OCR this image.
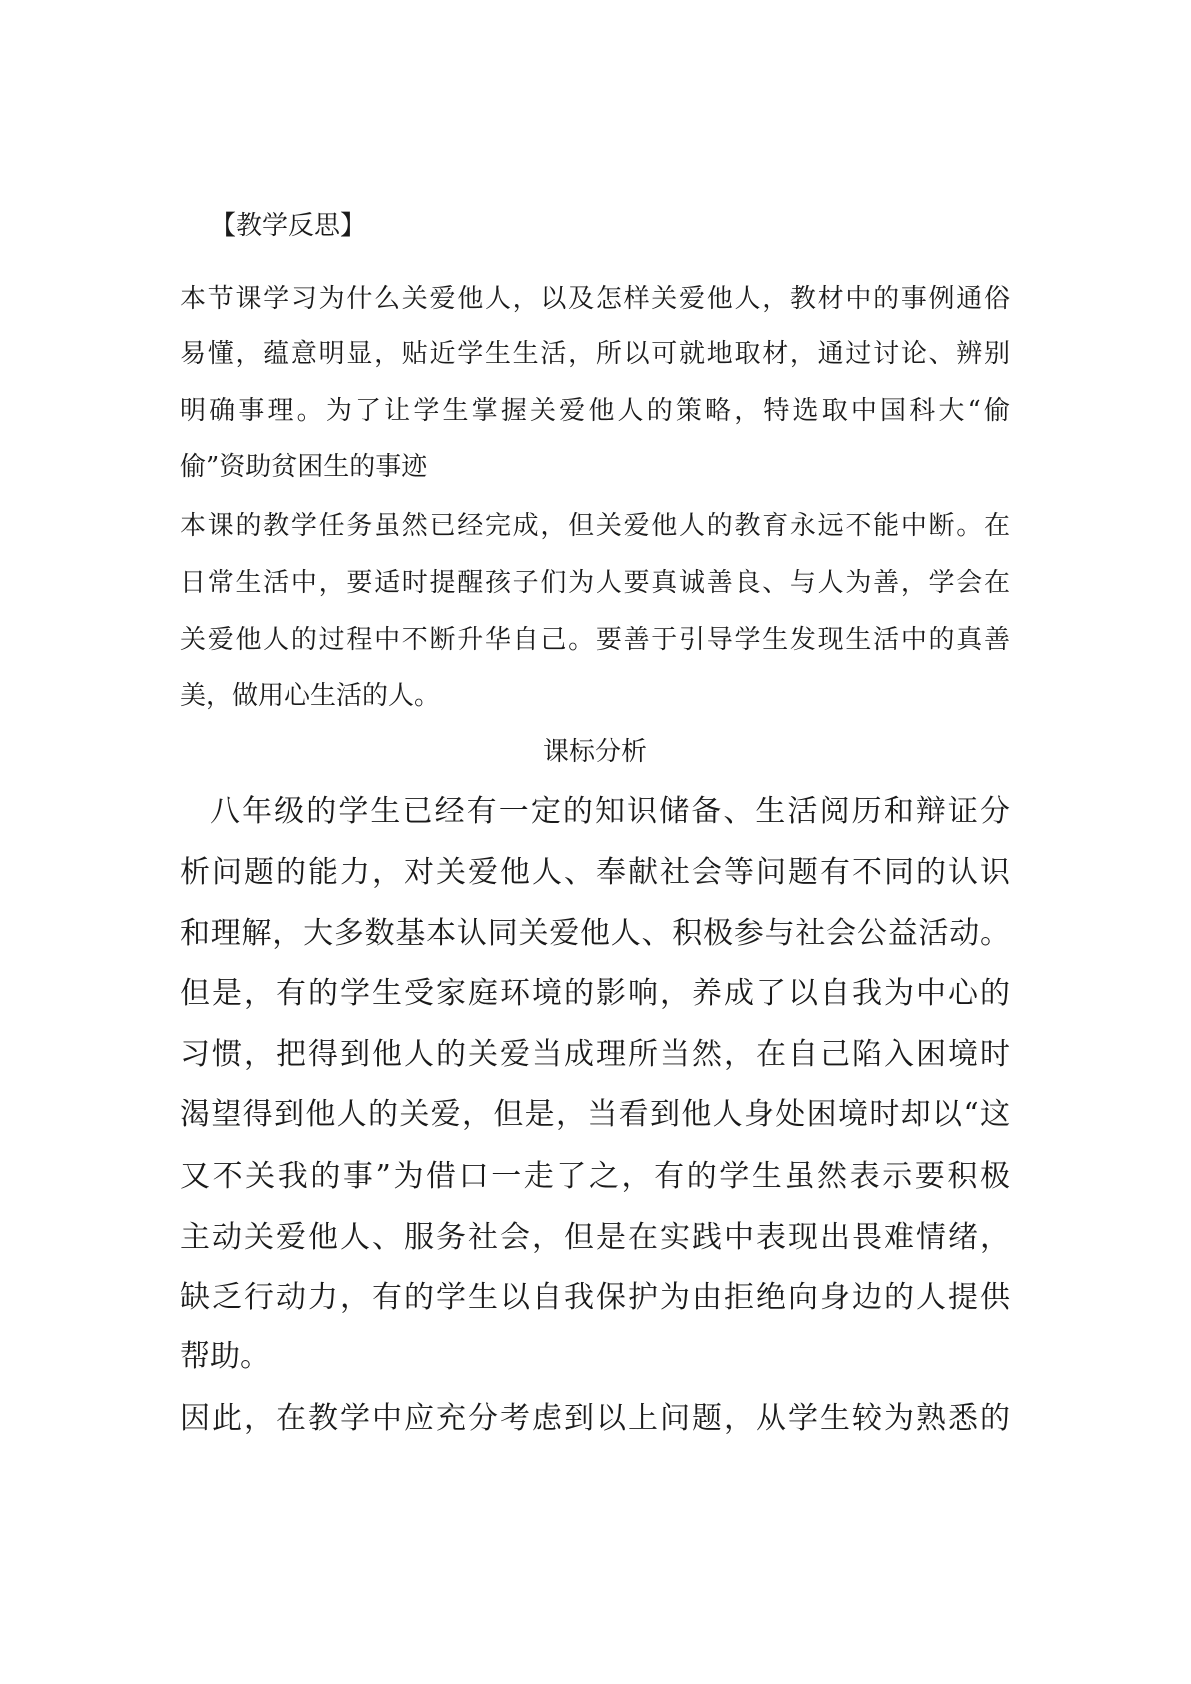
【教学反思】
本节课学习为什么关爱他人，以及怎样关爱他人，教材中的事例通俗
易懂，蕴意明显，贴近学生生活，所以可就地取材，通过讨论、辨别
明确事理。为了让学生掌握关爱他人的策略，特选取中国科大“偷
偷”资助贫困生的事迹
本课的教学任务虽然已经完成，但关爱他人的教育永远不能中断。在
日常生活中，要适时提醒孩子们为人要真诚善良、与人为善，学会在
关爱他人的过程中不断升华自己。要善于引导学生发现生活中的真善
美，做用心生活的人。
课标分析
八年级的学生已经有一定的知识储备、生活阅历和辩证分
析问题的能力，对关爱他人、奉献社会等问题有不同的认识
和理解，大多数基本认同关爱他人、积极参与社会公益活动。
但是，有的学生受家庭环境的影响，养成了以自我为中心的
习惯，把得到他人的关爱当成理所当然，在自己陷入困境时
渴望得到他人的关爱，但是，当看到他人身处困境时却以“这
又不关我的事”为借口一走了之，有的学生虽然表示要积极
主动关爱他人、服务社会，但是在实践中表现出畏难情绪，
缺乏行动力，有的学生以自我保护为由拒绝向身边的人提供
帮助。
因此，在教学中应充分考虑到以上问题，从学生较为熟悉的
